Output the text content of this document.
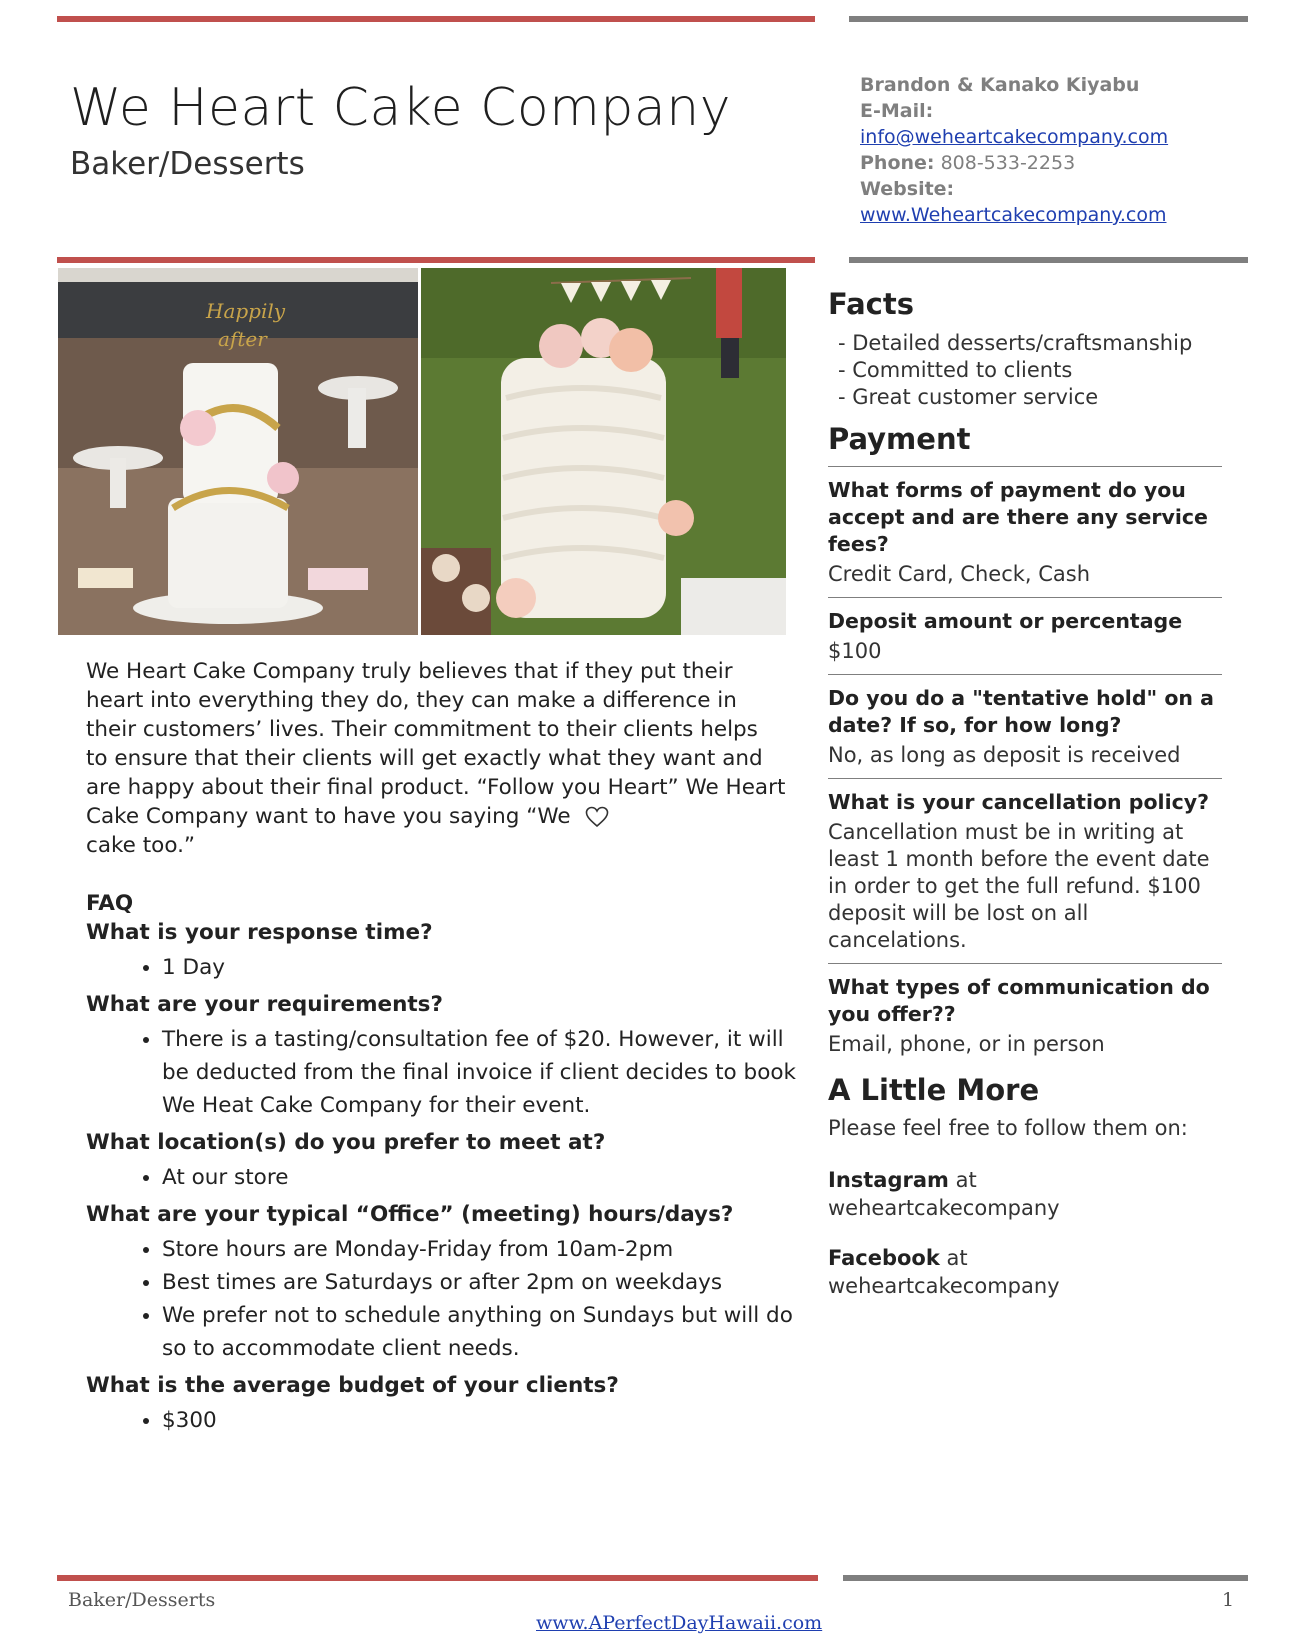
We Heart Cake Company
Baker/Desserts
Brandon & Kanako Kiyabu
E-Mail:
info@weheartcakecompany.com
Phone: 808-533-2253
Website:
www.Weheartcakecompany.com
Happily
after
We Heart Cake Company truly believes that if they put their heart into everything they do, they can make a difference in their customers’ lives. Their commitment to their clients helps to ensure that their clients will get exactly what they want and are happy about their final product. “Follow you Heart” We Heart Cake Company want to have you saying “We
cake too.”
FAQ
What is your response time?
• 1 Day
What are your requirements?
• There is a tasting/consultation fee of $20. However, it will be deducted from the final invoice if client decides to book We Heat Cake Company for their event.
What location(s) do you prefer to meet at?
• At our store
What are your typical “Office” (meeting) hours/days?
• Store hours are Monday-Friday from 10am-2pm
• Best times are Saturdays or after 2pm on weekdays
• We prefer not to schedule anything on Sundays but will do so to accommodate client needs.
What is the average budget of your clients?
• $300
Facts
- Detailed desserts/craftsmanship
- Committed to clients
- Great customer service
Payment
What forms of payment do you accept and are there any service fees?
Credit Card, Check, Cash
Deposit amount or percentage
$100
Do you do a "tentative hold" on a date? If so, for how long?
No, as long as deposit is received
What is your cancellation policy?
Cancellation must be in writing at least 1 month before the event date in order to get the full refund. $100 deposit will be lost on all cancelations.
What types of communication do you offer??
Email, phone, or in person
A Little More
Please feel free to follow them on:
Instagram at
weheartcakecompany
Facebook at
weheartcakecompany
Baker/Desserts	1
www.APerfectDayHawaii.com
